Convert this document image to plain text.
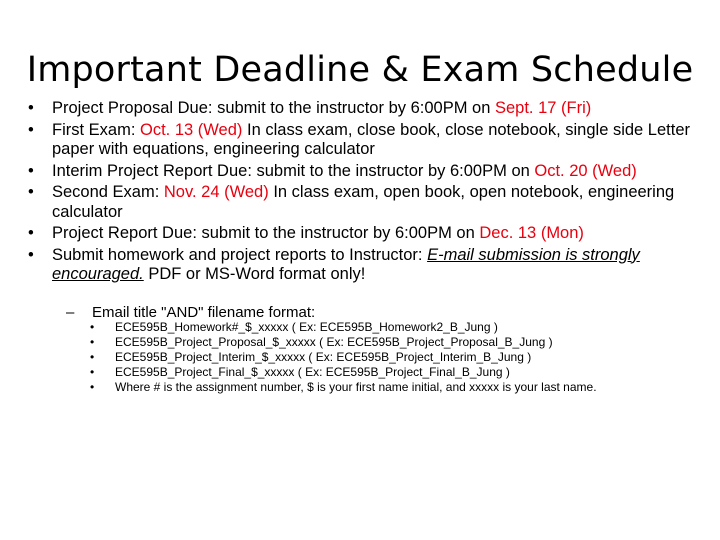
Important Deadline & Exam Schedule
• Project Proposal Due: submit to the instructor by 6:00PM on Sept. 17 (Fri)
• First Exam: Oct. 13 (Wed) In class exam, close book, close notebook, single side Letter paper with equations, engineering calculator
• Interim Project Report Due: submit to the instructor by 6:00PM on Oct. 20 (Wed)
• Second Exam: Nov. 24 (Wed) In class exam, open book, open notebook, engineering calculator
• Project Report Due: submit to the instructor by 6:00PM on Dec. 13 (Mon)
• Submit homework and project reports to Instructor: E-mail submission is strongly encouraged. PDF or MS-Word format only!
– Email title "AND" filename format:
• ECE595B_Homework#_$_xxxxx ( Ex: ECE595B_Homework2_B_Jung )
• ECE595B_Project_Proposal_$_xxxxx ( Ex: ECE595B_Project_Proposal_B_Jung )
• ECE595B_Project_Interim_$_xxxxx ( Ex: ECE595B_Project_Interim_B_Jung )
• ECE595B_Project_Final_$_xxxxx ( Ex: ECE595B_Project_Final_B_Jung )
• Where # is the assignment number, $ is your first name initial, and xxxxx is your last name.
